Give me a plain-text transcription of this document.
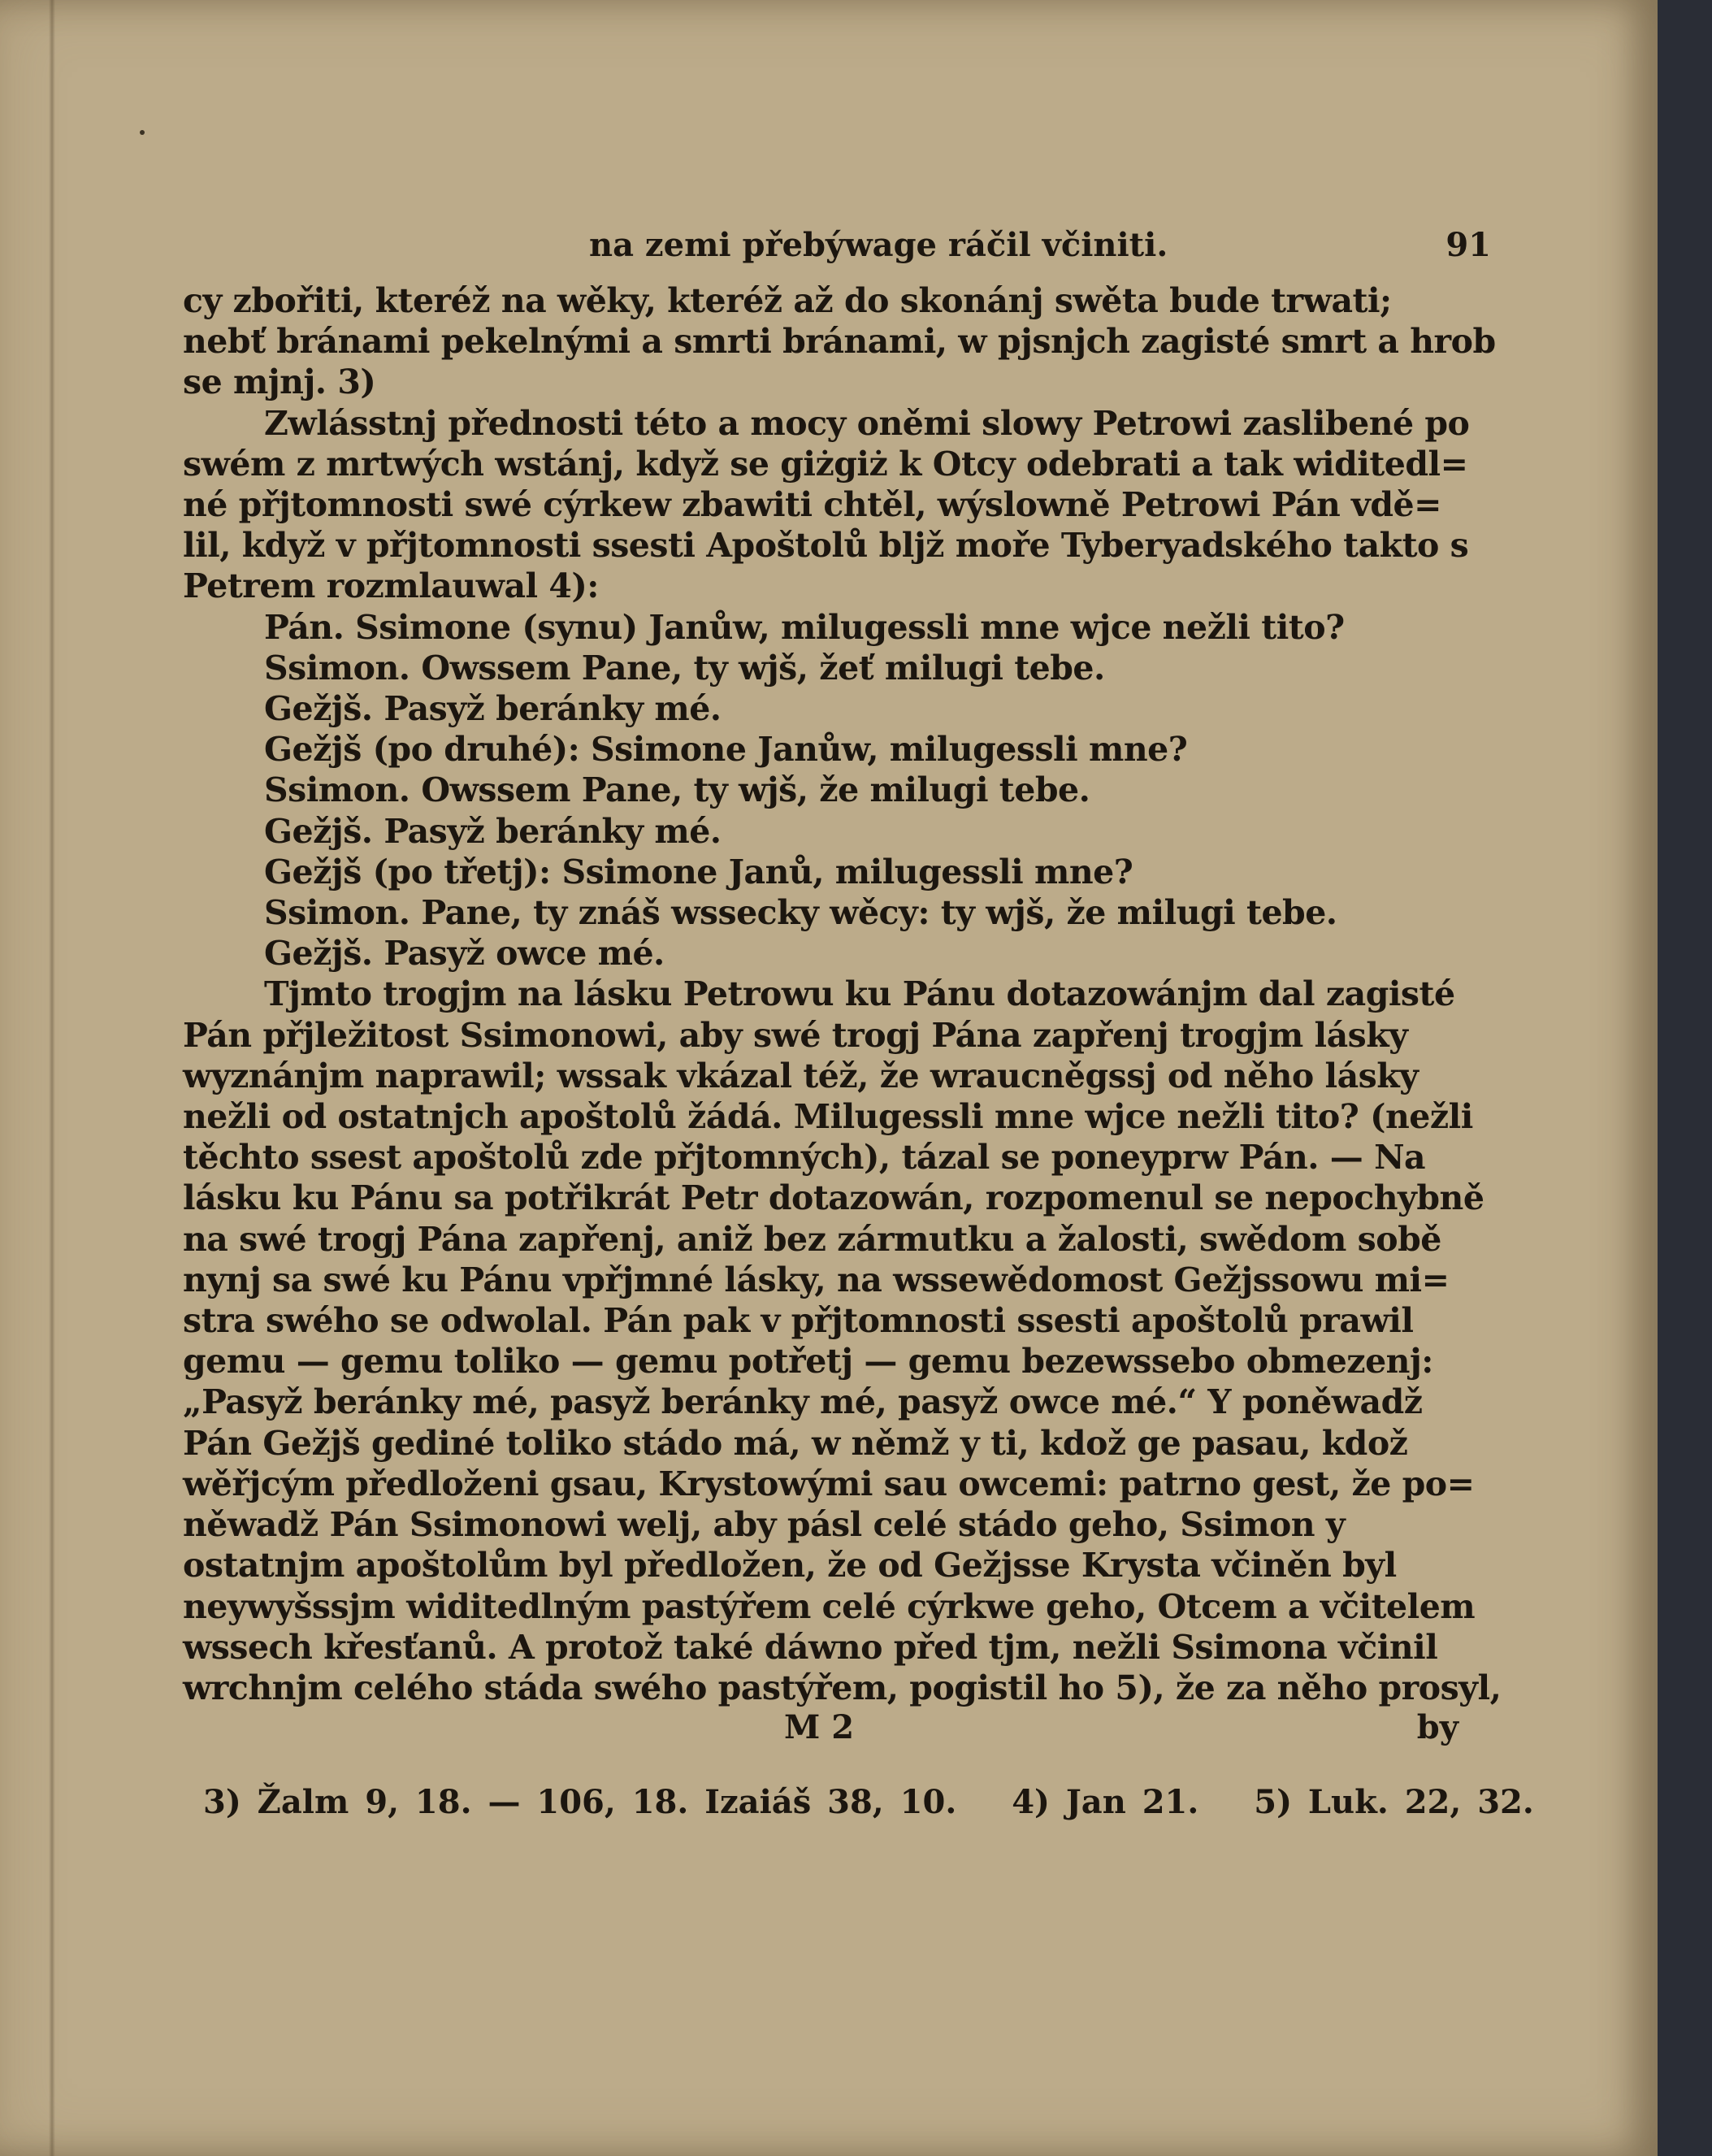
na zemi přebýwage ráčil včiniti.	91
cy zbořiti, kteréž na wěky, kteréž až do skonánj swěta bude trwati;
nebť bránami pekelnými a smrti bránami, w pjsnjch zagisté smrt a hrob
se mjnj. 3)
Zwlásstnj přednosti této a mocy oněmi slowy Petrowi zaslibené po
swém z mrtwých wstánj, když se giżgiż k Otcy odebrati a tak widitedl=
né přjtomnosti swé cýrkew zbawiti chtěl, wýslowně Petrowi Pán vdě=
lil, když v přjtomnosti ssesti Apoštolů bljž moře Tyberyadského takto s
Petrem rozmlauwal 4):
Pán. Ssimone (synu) Janůw, milugessli mne wjce nežli tito?
Ssimon. Owssem Pane, ty wjš, žeť milugi tebe.
Gežjš. Pasyž beránky mé.
Gežjš (po druhé): Ssimone Janůw, milugessli mne?
Ssimon. Owssem Pane, ty wjš, že milugi tebe.
Gežjš. Pasyž beránky mé.
Gežjš (po třetj): Ssimone Janů, milugessli mne?
Ssimon. Pane, ty znáš wssecky wěcy: ty wjš, že milugi tebe.
Gežjš. Pasyž owce mé.
Tjmto trogjm na lásku Petrowu ku Pánu dotazowánjm dal zagisté
Pán přjležitost Ssimonowi, aby swé trogj Pána zapřenj trogjm lásky
wyznánjm naprawil; wssak vkázal též, že wraucněgssj od něho lásky
nežli od ostatnjch apoštolů žádá. Milugessli mne wjce nežli tito? (nežli
těchto ssest apoštolů zde přjtomných), tázal se poneyprw Pán. — Na
lásku ku Pánu sa potřikrát Petr dotazowán, rozpomenul se nepochybně
na swé trogj Pána zapřenj, aniž bez zármutku a žalosti, swědom sobě
nynj sa swé ku Pánu vpřjmné lásky, na wssewědomost Gežjssowu mi=
stra swého se odwolal. Pán pak v přjtomnosti ssesti apoštolů prawil
gemu — gemu toliko — gemu potřetj — gemu bezewssebo obmezenj:
„Pasyž beránky mé, pasyž beránky mé, pasyž owce mé.“ Y poněwadž
Pán Gežjš gediné toliko stádo má, w němž y ti, kdož ge pasau, kdož
wěřjcým předloženi gsau, Krystowými sau owcemi: patrno gest, že po=
něwadž Pán Ssimonowi welj, aby pásl celé stádo geho, Ssimon y
ostatnjm apoštolům byl předložen, že od Gežjsse Krysta včiněn byl
neywyšssjm widitedlným pastýřem celé cýrkwe geho, Otcem a včitelem
wssech křesťanů. A protož také dáwno před tjm, nežli Ssimona včinil
wrchnjm celého stáda swého pastýřem, pogistil ho 5), že za něho prosyl,
M 2	by
3) Žalm 9, 18. — 106, 18. Izaiáš 38, 10. 4) Jan 21. 5) Luk. 22, 32.
